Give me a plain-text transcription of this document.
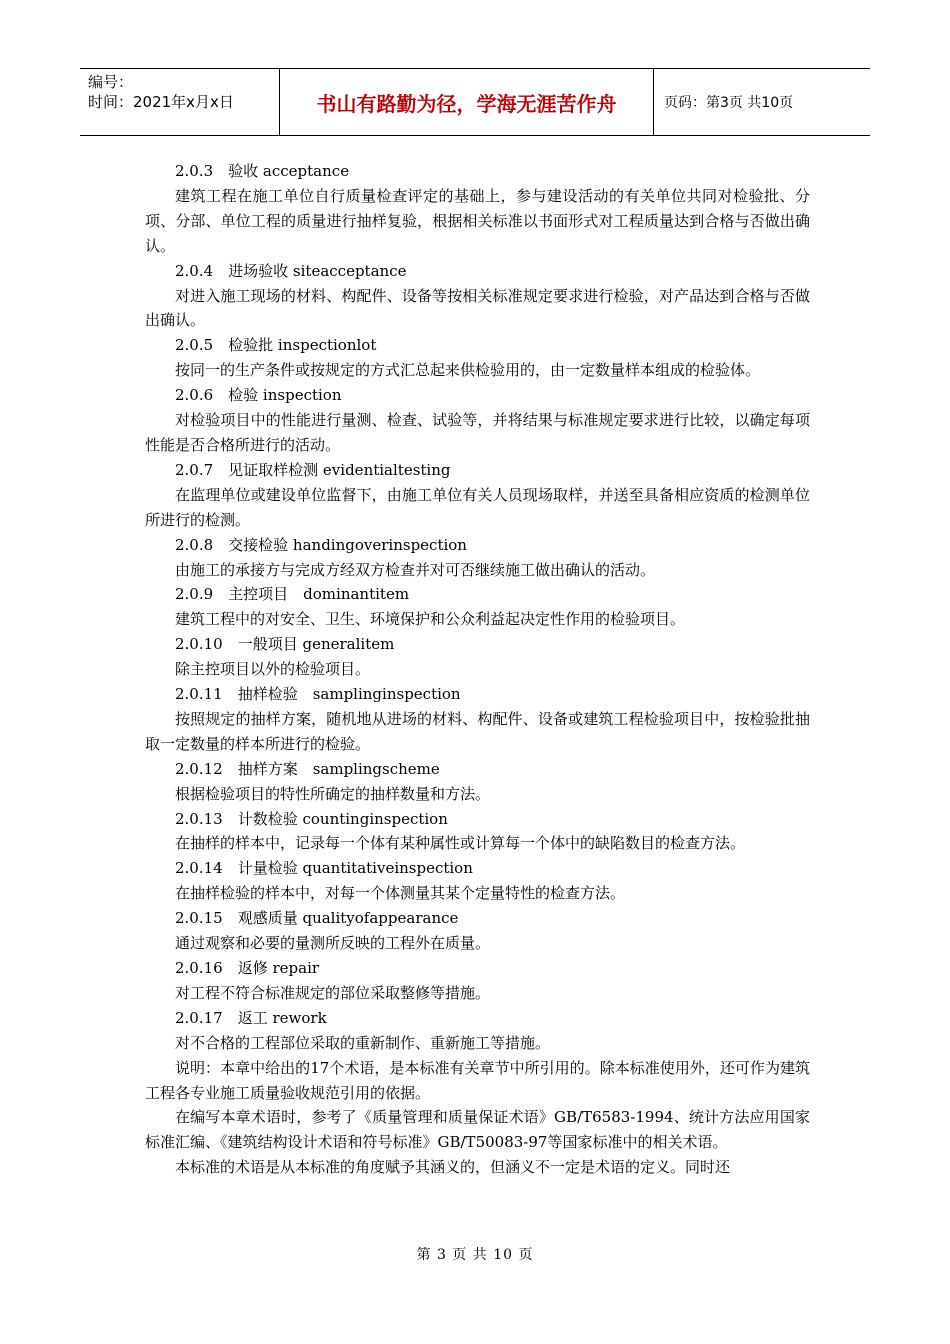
编号：
时间：2021年x月x日	书山有路勤为径，学海无涯苦作舟	页码：第3页 共10页

2.0.3　验收 acceptance

建筑工程在施工单位自行质量检查评定的基础上，参与建设活动的有关单位共同对检验批、分项、分部、单位工程的质量进行抽样复验，根据相关标准以书面形式对工程质量达到合格与否做出确认。

2.0.4　进场验收 siteacceptance

对进入施工现场的材料、构配件、设备等按相关标准规定要求进行检验，对产品达到合格与否做出确认。

2.0.5　检验批 inspectionlot

按同一的生产条件或按规定的方式汇总起来供检验用的，由一定数量样本组成的检验体。

2.0.6　检验 inspection

对检验项目中的性能进行量测、检查、试验等，并将结果与标准规定要求进行比较，以确定每项性能是否合格所进行的活动。

2.0.7　见证取样检测 evidentialtesting

在监理单位或建设单位监督下，由施工单位有关人员现场取样，并送至具备相应资质的检测单位所进行的检测。

2.0.8　交接检验 handingoverinspection

由施工的承接方与完成方经双方检查并对可否继续施工做出确认的活动。

2.0.9　主控项目　dominantitem

建筑工程中的对安全、卫生、环境保护和公众利益起决定性作用的检验项目。

2.0.10　一般项目 generalitem

除主控项目以外的检验项目。

2.0.11　抽样检验　samplinginspection

按照规定的抽样方案，随机地从进场的材料、构配件、设备或建筑工程检验项目中，按检验批抽取一定数量的样本所进行的检验。

2.0.12　抽样方案　samplingscheme

根据检验项目的特性所确定的抽样数量和方法。

2.0.13　计数检验 countinginspection

在抽样的样本中，记录每一个体有某种属性或计算每一个体中的缺陷数目的检查方法。

2.0.14　计量检验 quantitativeinspection

在抽样检验的样本中，对每一个体测量其某个定量特性的检查方法。

2.0.15　观感质量 qualityofappearance

通过观察和必要的量测所反映的工程外在质量。

2.0.16　返修 repair

对工程不符合标准规定的部位采取整修等措施。

2.0.17　返工 rework

对不合格的工程部位采取的重新制作、重新施工等措施。

说明：本章中给出的17个术语，是本标准有关章节中所引用的。除本标准使用外，还可作为建筑工程各专业施工质量验收规范引用的依据。

在编写本章术语时，参考了《质量管理和质量保证术语》GB/T6583-1994、统计方法应用国家标准汇编、《建筑结构设计术语和符号标准》GB/T50083-97等国家标准中的相关术语。

本标准的术语是从本标准的角度赋予其涵义的，但涵义不一定是术语的定义。同时还

第 3 页 共 10 页
